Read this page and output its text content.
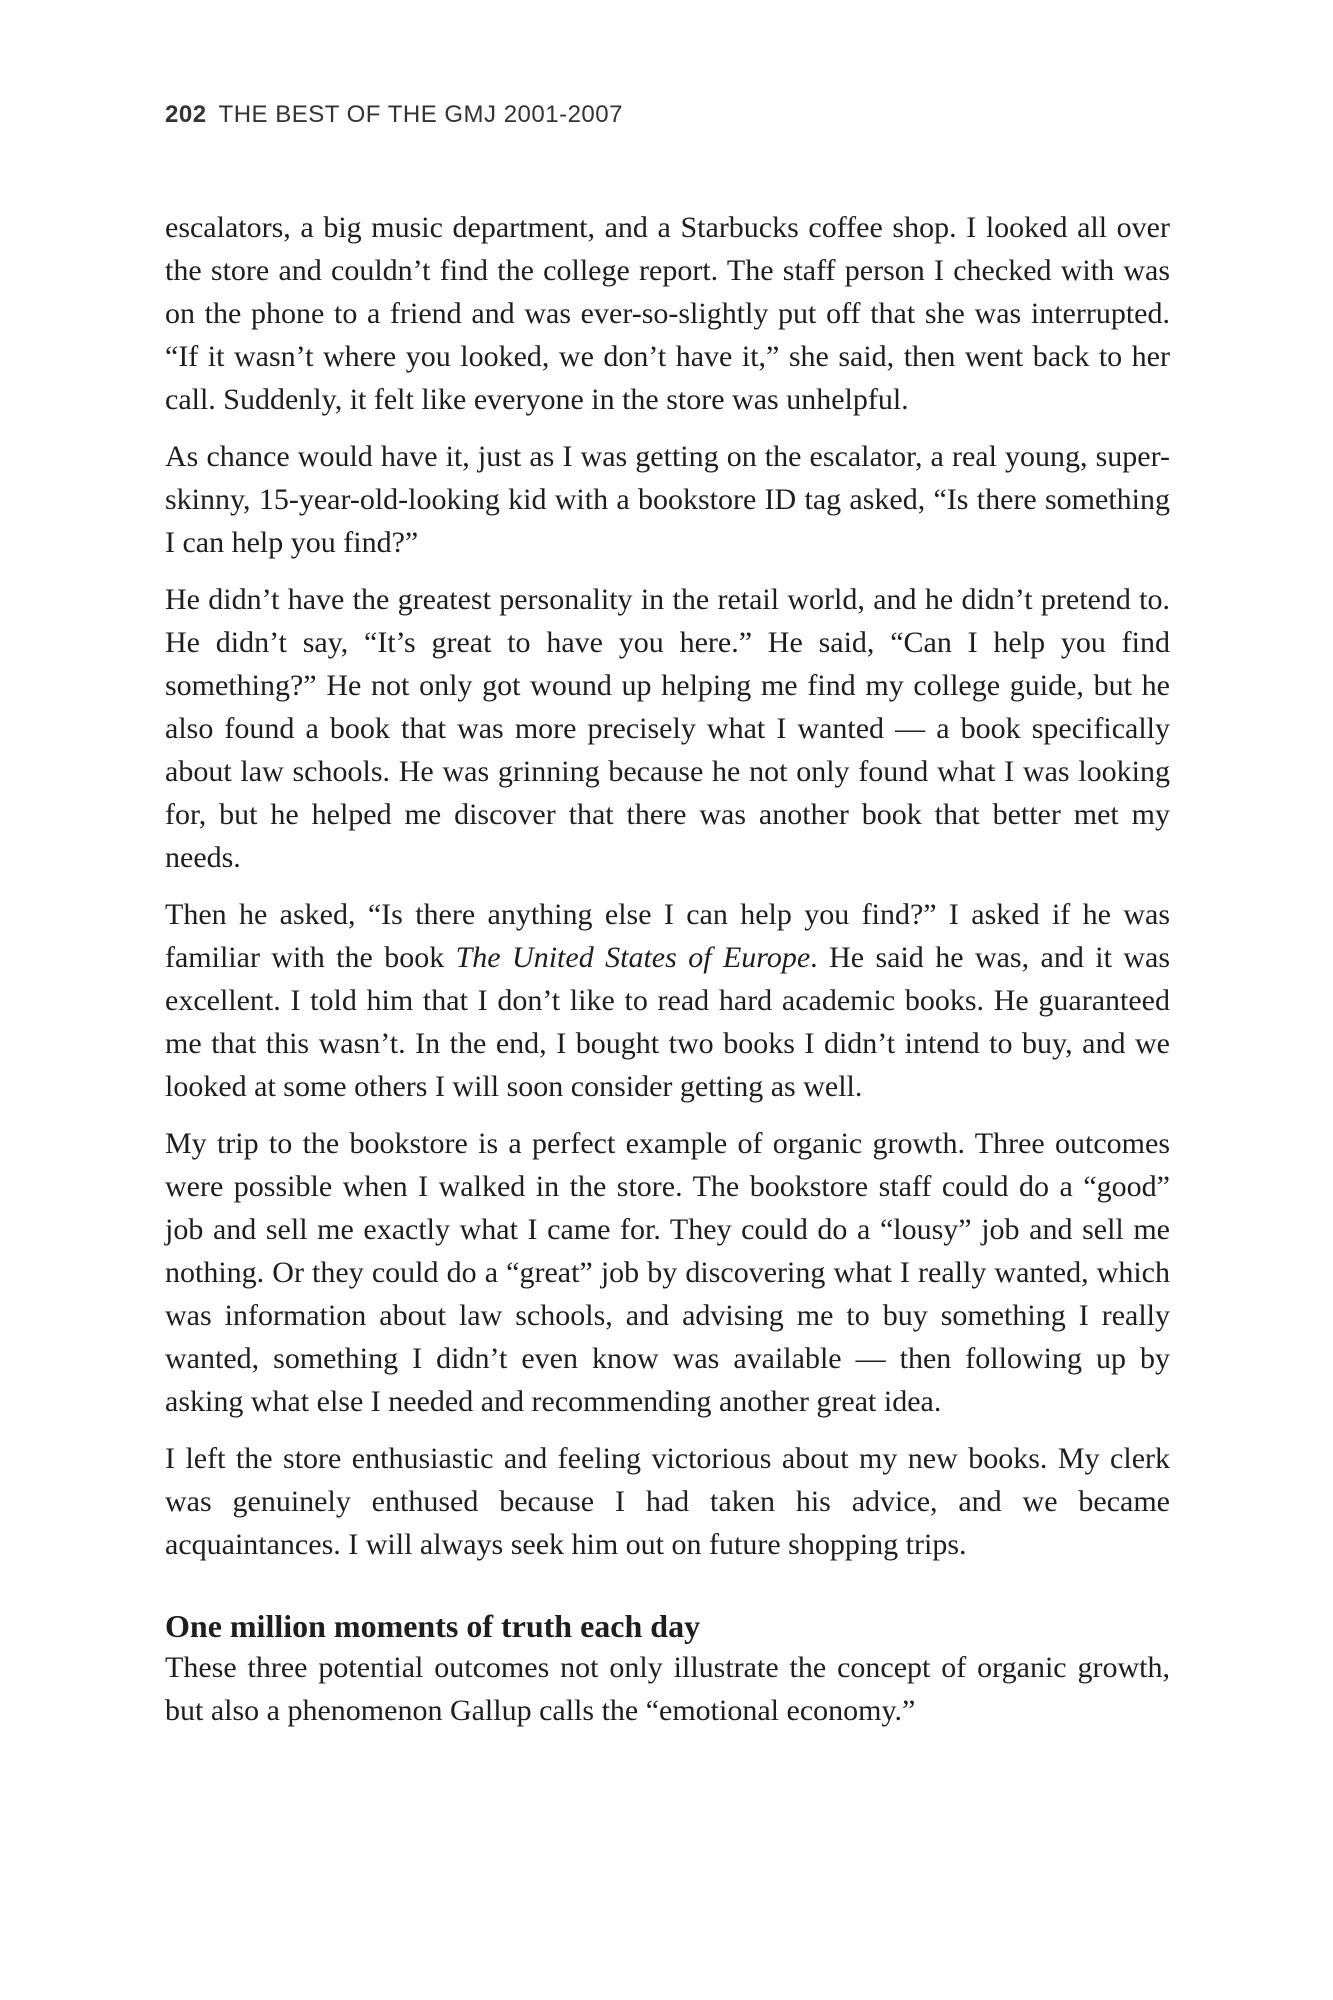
202 THE BEST OF THE GMJ 2001-2007

escalators, a big music department, and a Starbucks coffee shop. I looked all over the store and couldn’t find the college report. The staff person I checked with was on the phone to a friend and was ever-so-slightly put off that she was interrupted. “If it wasn’t where you looked, we don’t have it,” she said, then went back to her call. Suddenly, it felt like everyone in the store was unhelpful.

As chance would have it, just as I was getting on the escalator, a real young, super-skinny, 15-year-old-looking kid with a bookstore ID tag asked, “Is there something I can help you find?”

He didn’t have the greatest personality in the retail world, and he didn’t pretend to. He didn’t say, “It’s great to have you here.” He said, “Can I help you find something?” He not only got wound up helping me find my college guide, but he also found a book that was more precisely what I wanted — a book specifically about law schools. He was grinning because he not only found what I was looking for, but he helped me discover that there was another book that better met my needs.

Then he asked, “Is there anything else I can help you find?” I asked if he was familiar with the book The United States of Europe. He said he was, and it was excellent. I told him that I don’t like to read hard academic books. He guaranteed me that this wasn’t. In the end, I bought two books I didn’t intend to buy, and we looked at some others I will soon consider getting as well.

My trip to the bookstore is a perfect example of organic growth. Three outcomes were possible when I walked in the store. The bookstore staff could do a “good” job and sell me exactly what I came for. They could do a “lousy” job and sell me nothing. Or they could do a “great” job by discovering what I really wanted, which was information about law schools, and advising me to buy something I really wanted, something I didn’t even know was available — then following up by asking what else I needed and recommending another great idea.

I left the store enthusiastic and feeling victorious about my new books. My clerk was genuinely enthused because I had taken his advice, and we became acquaintances. I will always seek him out on future shopping trips.

One million moments of truth each day

These three potential outcomes not only illustrate the concept of organic growth, but also a phenomenon Gallup calls the “emotional economy.”
